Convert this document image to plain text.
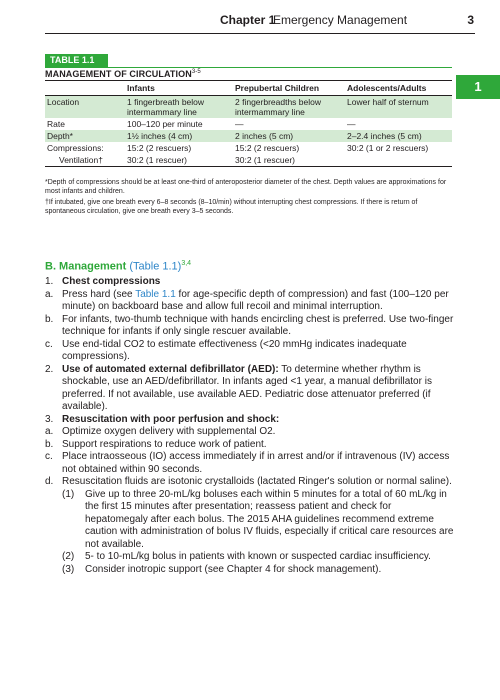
Chapter 1
Emergency Management	3
1
TABLE 1.1
MANAGEMENT OF CIRCULATION$^{3-5}$
	Infants	Prepubertal Children	Adolescents/Adults
Location	1 fingerbreath below intermammary line	2 fingerbreadths below intermammary line	Lower half of sternum
Rate	100–120 per minute	—	—
Depth*	1½ inches (4 cm)	2 inches (5 cm)	2–2.4 inches (5 cm)
Compressions:	15:2 (2 rescuers)	15:2 (2 rescuers)	30:2 (1 or 2 rescuers)
Ventilation†	30:2 (1 rescuer)	30:2 (1 rescuer)	
*Depth of compressions should be at least one-third of anteroposterior diameter of the chest. Depth values are approximations for most infants and children.
†If intubated, give one breath every 6–8 seconds (8–10/min) without interrupting chest compressions. If there is return of spontaneous circulation, give one breath every 3–5 seconds.
B. Management (Table 1.1)$^{3,4}$
1. Chest compressions
a. Press hard (see Table 1.1 for age-specific depth of compression) and fast (100–120 per minute) on backboard base and allow full recoil and minimal interruption.
b. For infants, two-thumb technique with hands encircling chest is preferred. Use two-finger technique for infants if only single rescuer available.
c. Use end-tidal CO2 to estimate effectiveness (<20 mmHg indicates inadequate compressions).
2. Use of automated external defibrillator (AED): To determine whether rhythm is shockable, use an AED/defibrillator. In infants aged <1 year, a manual defibrillator is preferred. If not available, use available AED. Pediatric dose attenuator preferred (if available).
3. Resuscitation with poor perfusion and shock:
a. Optimize oxygen delivery with supplemental O2.
b. Support respirations to reduce work of patient.
c. Place intraosseous (IO) access immediately if in arrest and/or if intravenous (IV) access not obtained within 90 seconds.
d. Resuscitation fluids are isotonic crystalloids (lactated Ringer's solution or normal saline).
(1) Give up to three 20-mL/kg boluses each within 5 minutes for a total of 60 mL/kg in the first 15 minutes after presentation; reassess patient and check for hepatomegaly after each bolus. The 2015 AHA guidelines recommend extreme caution with administration of bolus IV fluids, especially if critical care resources are not available.
(2) 5- to 10-mL/kg bolus in patients with known or suspected cardiac insufficiency.
(3) Consider inotropic support (see Chapter 4 for shock management).
